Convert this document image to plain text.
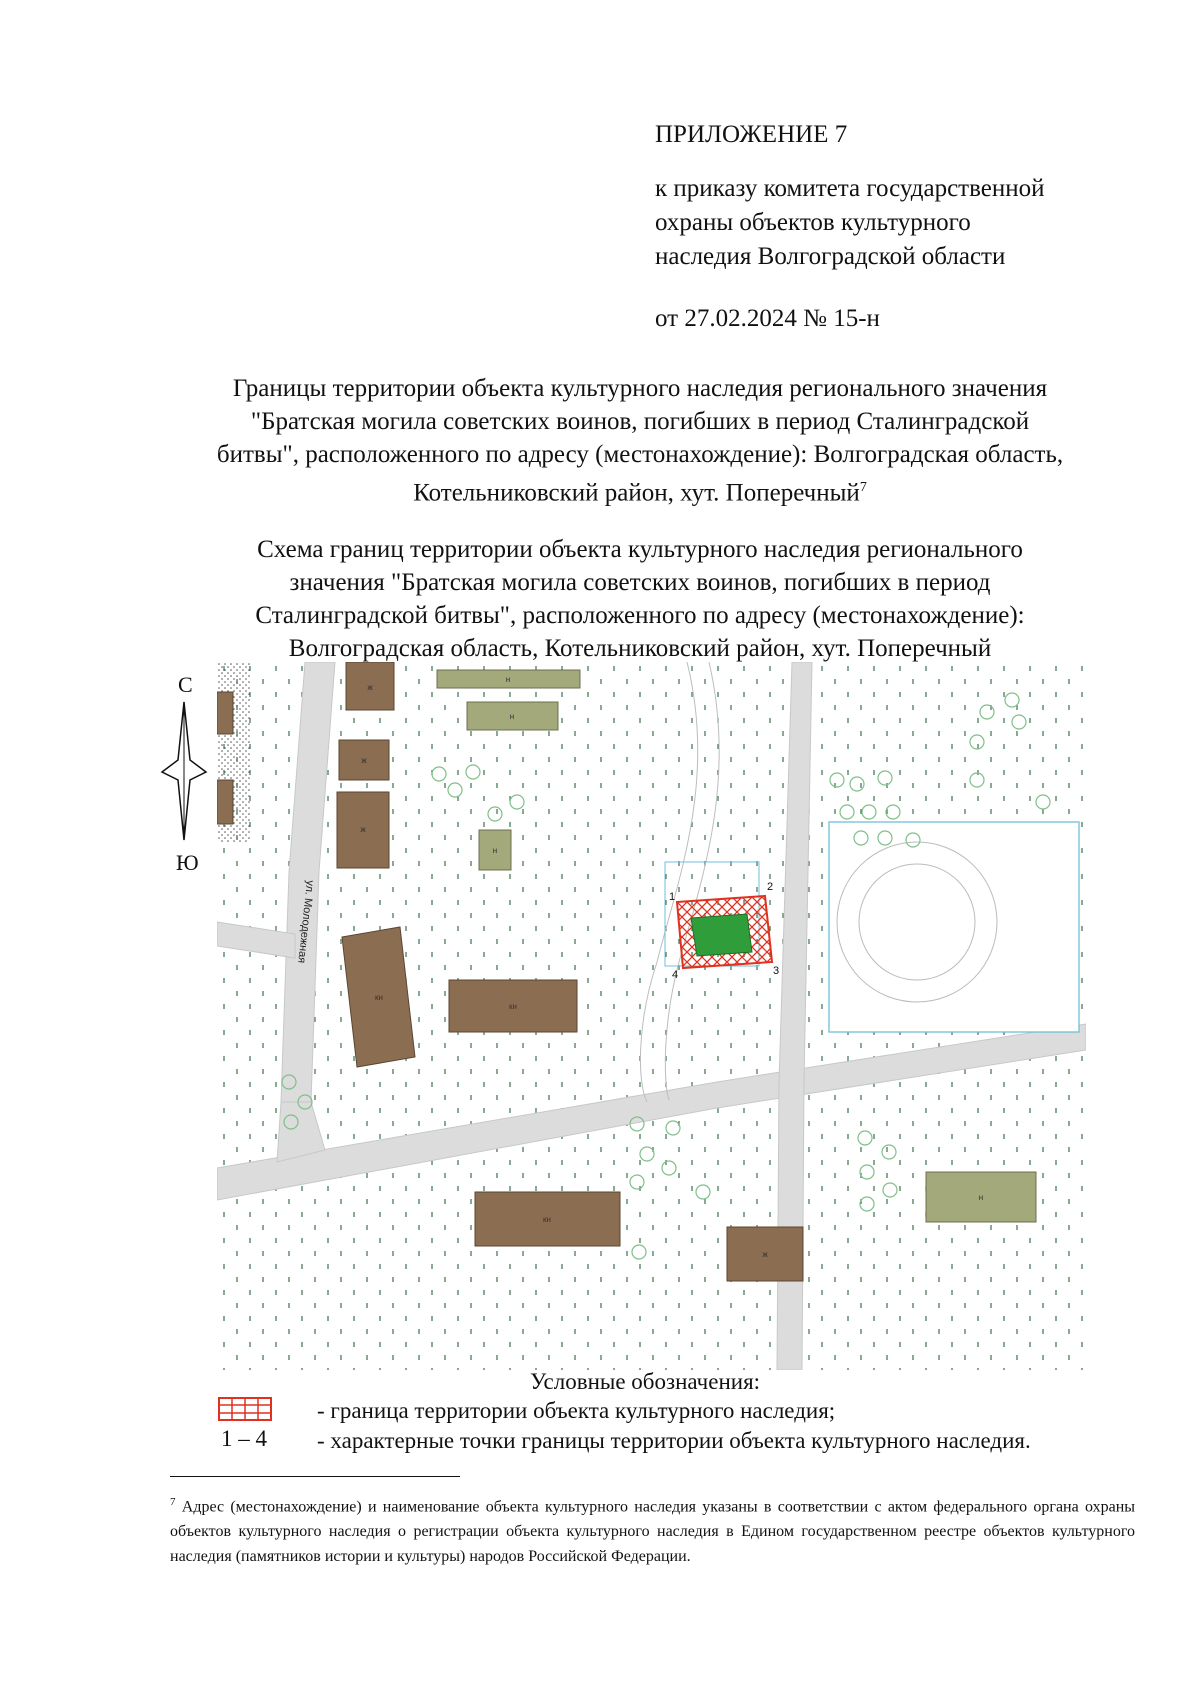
ПРИЛОЖЕНИЕ 7
к приказу комитета государственной
охраны объектов культурного
наследия Волгоградской области
от 27.02.2024 № 15-н
Границы территории объекта культурного наследия регионального значения
"Братская могила советских воинов, погибших в период Сталинградской
битвы", расположенного по адресу (местонахождение): Волгоградская область,
Котельниковский район, хут. Поперечный$^7$
Схема границ территории объекта культурного наследия регионального
значения "Братская могила советских воинов, погибших в период
Сталинградской битвы", расположенного по адресу (местонахождение):
Волгоградская область, Котельниковский район, хут. Поперечный
С
Ю
ж
ж
ж
кн
кн
кн
ж
н
н
н
н
ул. Молодежная	1
2
3
4
Условные обозначения:
- граница территории объекта культурного наследия;
1 – 4 - характерные точки границы территории объекта культурного наследия.
$^7$ Адрес (местонахождение) и наименование объекта культурного наследия указаны в соответствии с актом федерального органа охраны объектов культурного наследия о регистрации объекта культурного наследия в Едином государственном реестре объектов культурного наследия (памятников истории и культуры) народов Российской Федерации.
